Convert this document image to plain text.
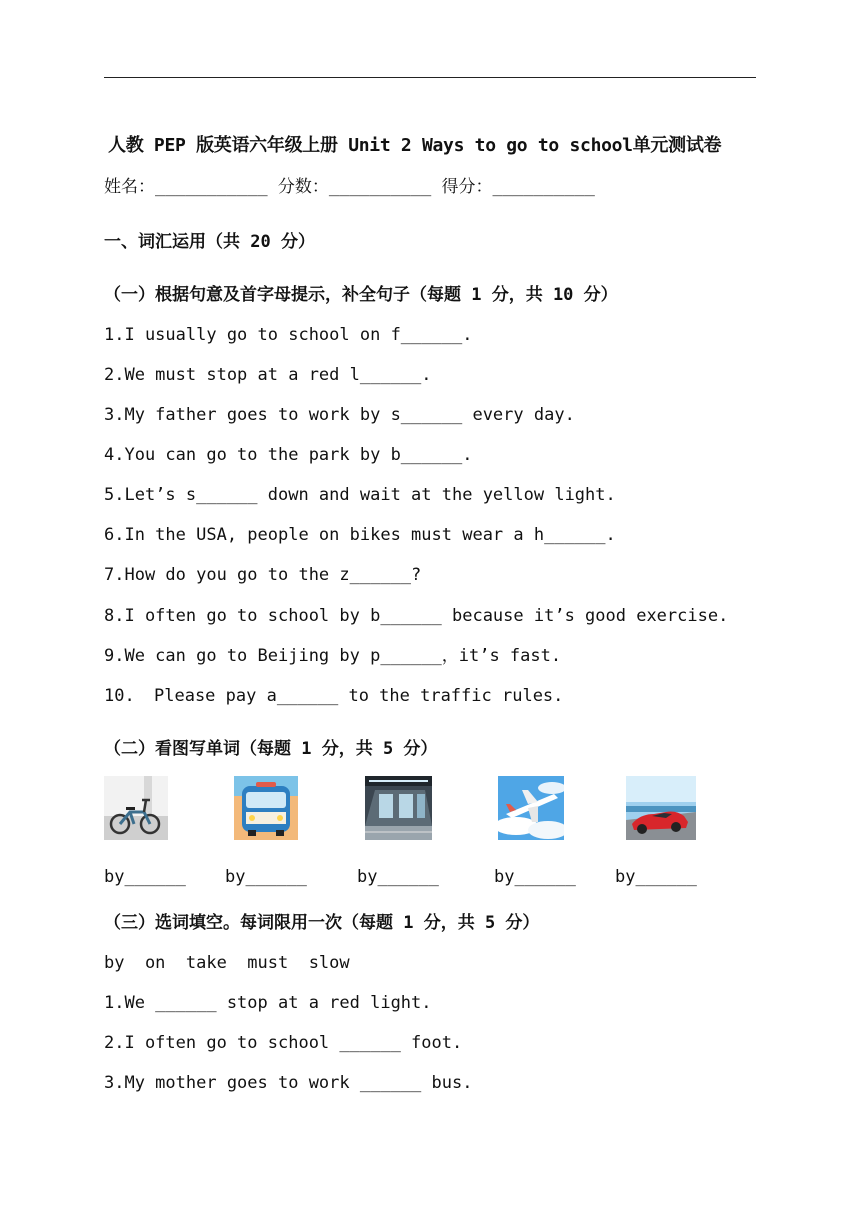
人教 PEP 版英语六年级上册 Unit 2 Ways to go to school单元测试卷
姓名：___________ 分数：__________ 得分：__________
一、词汇运用（共 20 分）
（一）根据句意及首字母提示，补全句子（每题 1 分，共 10 分）
1.I usually go to school on f______.
2.We must stop at a red l______.
3.My father goes to work by s______ every day.
4.You can go to the park by b______.
5.Let’s s______ down and wait at the yellow light.
6.In the USA, people on bikes must wear a h______.
7.How do you go to the z______?
8.I often go to school by b______ because it’s good exercise.
9.We can go to Beijing by p______，it’s fast.
10. Please pay a______ to the traffic rules.
（二）看图写单词（每题 1 分，共 5 分）
by______ by______	by______	by______ by______
（三）选词填空。每词限用一次（每题 1 分，共 5 分）
by  on  take  must  slow
1.We ______ stop at a red light.
2.I often go to school ______ foot.
3.My mother goes to work ______ bus.
